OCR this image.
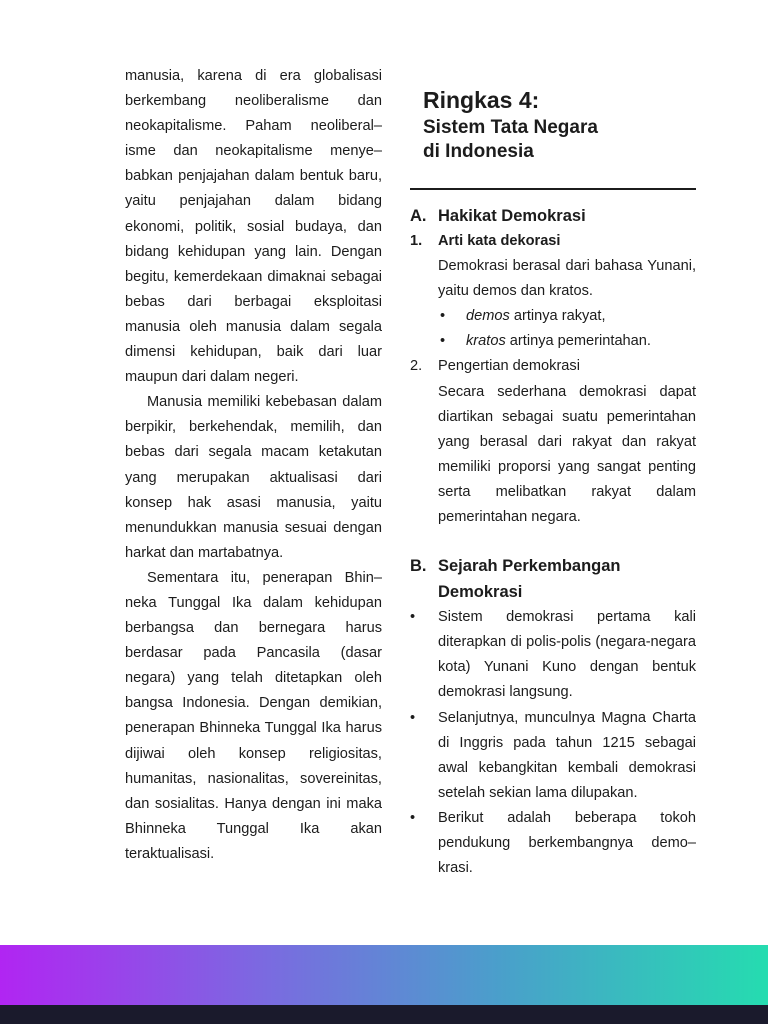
manusia, karena di era globalisasi berkembang neoliberalisme dan neokapitalisme. Paham neoliberal–isme dan neokapitalisme menye–babkan penjajahan dalam bentuk baru, yaitu penjajahan dalam bidang ekonomi, politik, sosial budaya, dan bidang kehidupan yang lain. Dengan begitu, kemerdekaan dimaknai sebagai bebas dari berbagai eksploitasi manusia oleh manusia dalam segala dimensi kehidupan, baik dari luar maupun dari dalam negeri.

Manusia memiliki kebebasan dalam berpikir, berkehendak, memilih, dan bebas dari segala macam ketakutan yang merupakan aktualisasi dari konsep hak asasi manusia, yaitu menundukkan manusia sesuai dengan harkat dan martabatnya.

Sementara itu, penerapan Bhin–neka Tunggal Ika dalam kehidupan berbangsa dan bernegara harus berdasar pada Pancasila (dasar negara) yang telah ditetapkan oleh bangsa Indonesia. Dengan demikian, penerapan Bhinneka Tunggal Ika harus dijiwai oleh konsep religiositas, humanitas, nasionalitas, sovereinitas, dan sosialitas. Hanya dengan ini maka Bhinneka Tunggal Ika akan teraktualisasi.

Ringkas 4:
Sistem Tata Negara
di Indonesia
A. Hakikat Demokrasi
1.	Arti kata dekorasi
Demokrasi berasal dari bahasa Yunani, yaitu demos dan kratos.
•	demos artinya rakyat,
•	kratos artinya pemerintahan.
2.	Pengertian demokrasi
Secara sederhana demokrasi dapat diartikan sebagai suatu pemerintahan yang berasal dari rakyat dan rakyat memiliki proporsi yang sangat penting serta melibatkan rakyat dalam pemerintahan negara.
B. Sejarah Perkembangan
Demokrasi
•	Sistem demokrasi pertama kali diterapkan di polis-polis (negara-negara kota) Yunani Kuno dengan bentuk demokrasi langsung.
•	Selanjutnya, munculnya Magna Charta di Inggris pada tahun 1215 sebagai awal kebangkitan kembali demokrasi setelah sekian lama dilupakan.
•	Berikut adalah beberapa tokoh pendukung berkembangnya demo–krasi.
